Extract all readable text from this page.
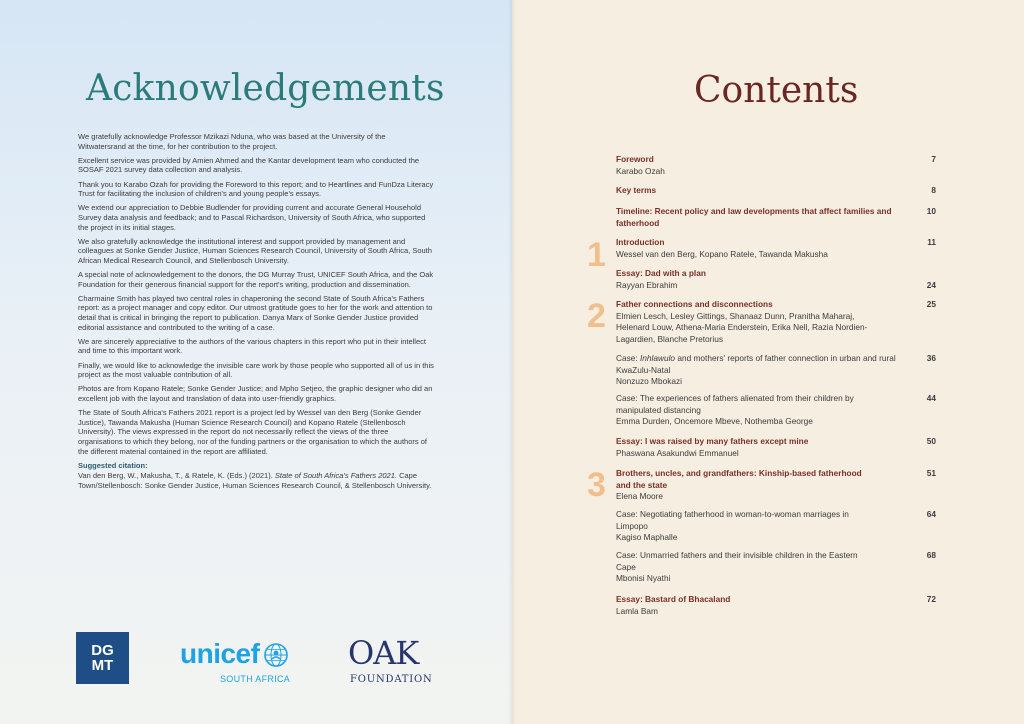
Acknowledgements

We gratefully acknowledge Professor Mzikazi Nduna, who was based at the University of the Witwatersrand at the time, for her contribution to the project.

Excellent service was provided by Amien Ahmed and the Kantar development team who conducted the SOSAF 2021 survey data collection and analysis.

Thank you to Karabo Ozah for providing the Foreword to this report; and to Heartlines and FunDza Literacy Trust for facilitating the inclusion of children's and young people's essays.

We extend our appreciation to Debbie Budlender for providing current and accurate General Household Survey data analysis and feedback; and to Pascal Richardson, University of South Africa, who supported the project in its initial stages.

We also gratefully acknowledge the institutional interest and support provided by management and colleagues at Sonke Gender Justice, Human Sciences Research Council, University of South Africa, South African Medical Research Council, and Stellenbosch University.

A special note of acknowledgement to the donors, the DG Murray Trust, UNICEF South Africa, and the Oak Foundation for their generous financial support for the report's writing, production and dissemination.

Charmaine Smith has played two central roles in chaperoning the second State of South Africa's Fathers report: as a project manager and copy editor. Our utmost gratitude goes to her for the work and attention to detail that is critical in bringing the report to publication. Danya Marx of Sonke Gender Justice provided editorial assistance and contributed to the writing of a case.

We are sincerely appreciative to the authors of the various chapters in this report who put in their intellect and time to this important work.

Finally, we would like to acknowledge the invisible care work by those people who supported all of us in this project as the most valuable contribution of all.

Photos are from Kopano Ratele; Sonke Gender Justice; and Mpho Setjeo, the graphic designer who did an excellent job with the layout and translation of data into user-friendly graphics.

The State of South Africa's Fathers 2021 report is a project led by Wessel van den Berg (Sonke Gender Justice), Tawanda Makusha (Human Science Research Council) and Kopano Ratele (Stellenbosch University). The views expressed in the report do not necessarily reflect the views of the three organisations to which they belong, nor of the funding partners or the organisation to which the authors of the different material contained in the report are affiliated.

Suggested citation:

Van den Berg, W., Makusha, T., & Ratele, K. (Eds.) (2021). State of South Africa's Fathers 2021. Cape Town/Stellenbosch: Sonke Gender Justice, Human Sciences Research Council, & Stellenbosch University.

DG
MT unicef
SOUTH AFRICA
OAK
FOUNDATION
Contents
1
2
3
Foreword
Karabo Ozah
7
Key terms	8
Timeline: Recent policy and law developments that affect families and fatherhood
10
Introduction
Wessel van den Berg, Kopano Ratele, Tawanda Makusha
11
Essay: Dad with a plan
Rayyan Ebrahim	24
Father connections and disconnections
Elmien Lesch, Lesley Gittings, Shanaaz Dunn, Pranitha Maharaj, Helenard Louw, Athena-Maria Enderstein, Erika Nell, Razia Nordien-Lagardien, Blanche Pretorius
25
Case: Inhlawulo and mothers' reports of father connection in urban and rural KwaZulu-Natal
Nonzuzo Mbokazi
36
Case: The experiences of fathers alienated from their children by manipulated distancing
Emma Durden, Oncemore Mbeve, Nothemba George
44
Essay: I was raised by many fathers except mine
Phaswana Asakundwi Emmanuel
50
Brothers, uncles, and grandfathers: Kinship-based fatherhood and the state
Elena Moore
51
Case: Negotiating fatherhood in woman-to-woman marriages in Limpopo
Kagiso Maphalle
64
Case: Unmarried fathers and their invisible children in the Eastern Cape
Mbonisi Nyathi
68
Essay: Bastard of Bhacaland
Lamla Bam
72
